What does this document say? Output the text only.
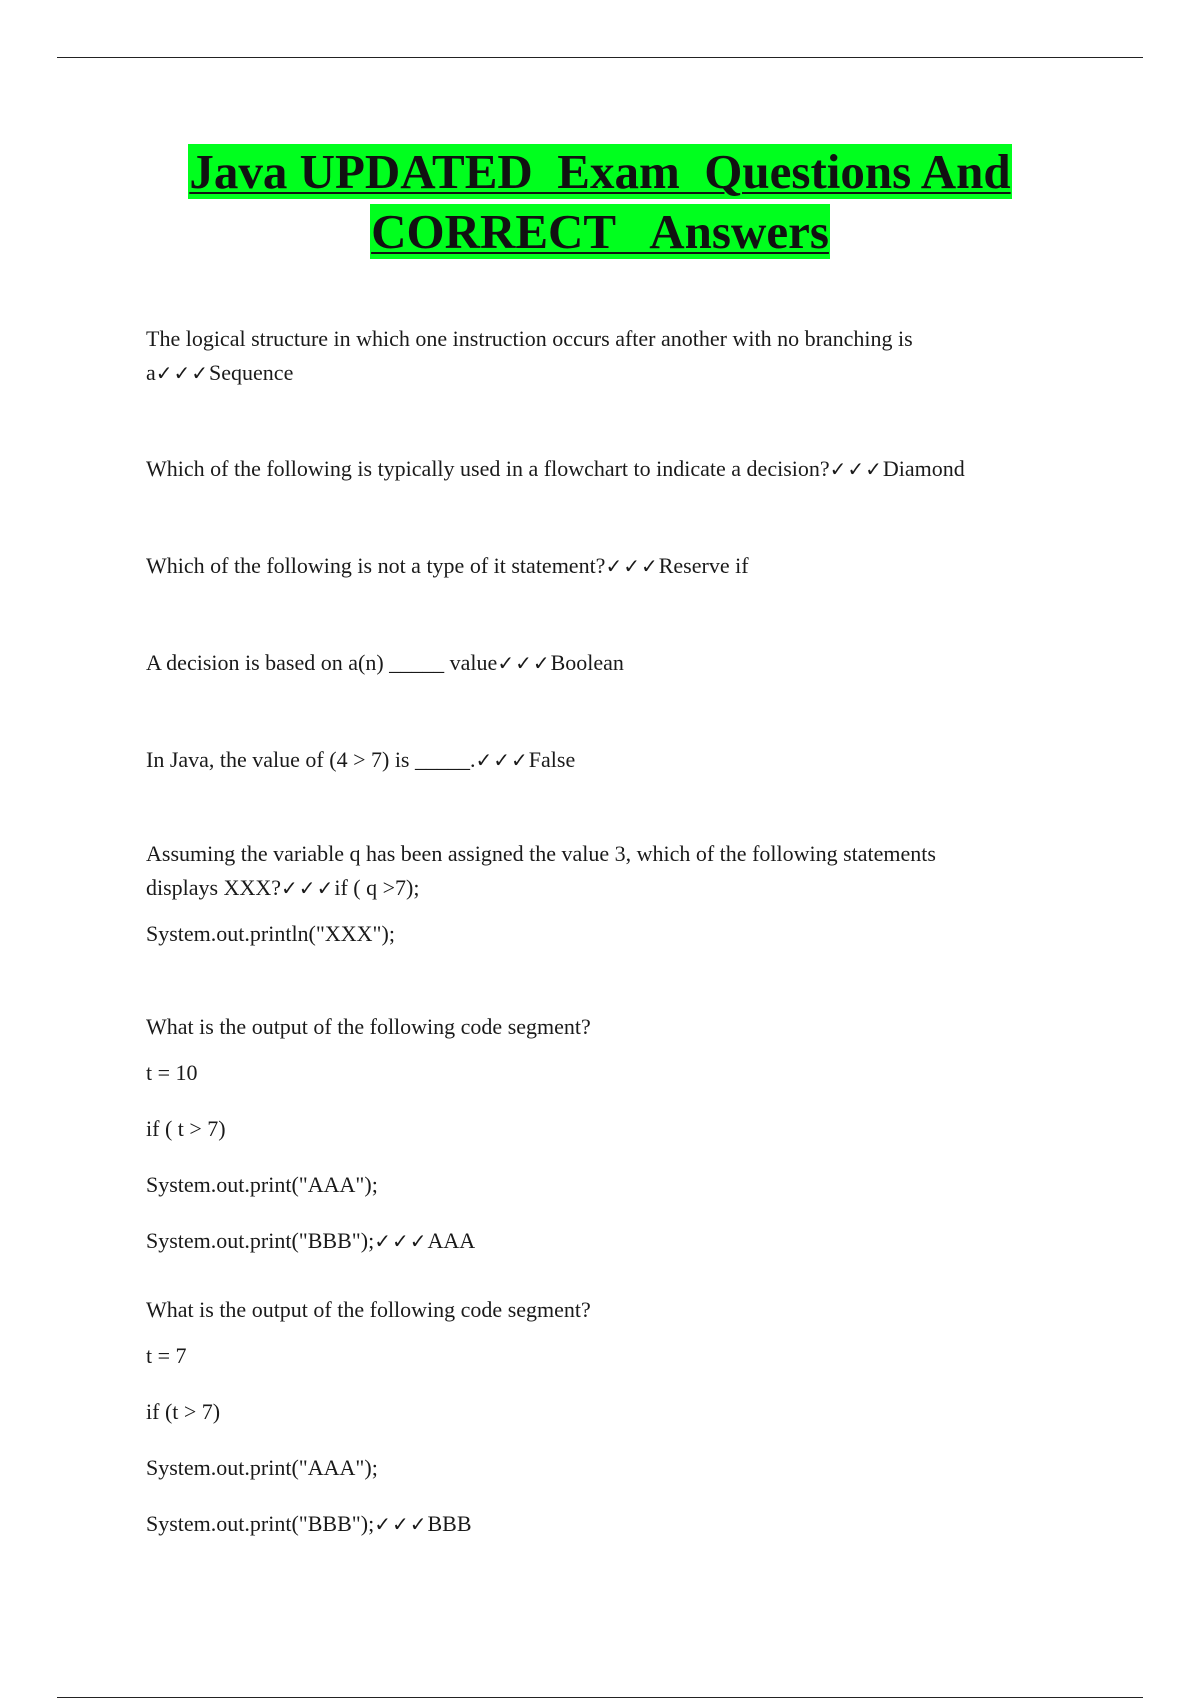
Java UPDATED  Exam  Questions And
CORRECT   Answers

The logical structure in which one instruction occurs after another with no branching is

a✓✓✓Sequence

Which of the following is typically used in a flowchart to indicate a decision?✓✓✓Diamond

Which of the following is not a type of it statement?✓✓✓Reserve if

A decision is based on a(n) _____ value✓✓✓Boolean

In Java, the value of (4 > 7) is _____.✓✓✓False

Assuming the variable q has been assigned the value 3, which of the following statements

displays XXX?✓✓✓if ( q >7);

System.out.println("XXX");

What is the output of the following code segment?

t = 10

if ( t > 7)

System.out.print("AAA");

System.out.print("BBB");✓✓✓AAA

What is the output of the following code segment?

t = 7

if (t > 7)

System.out.print("AAA");

System.out.print("BBB");✓✓✓BBB
